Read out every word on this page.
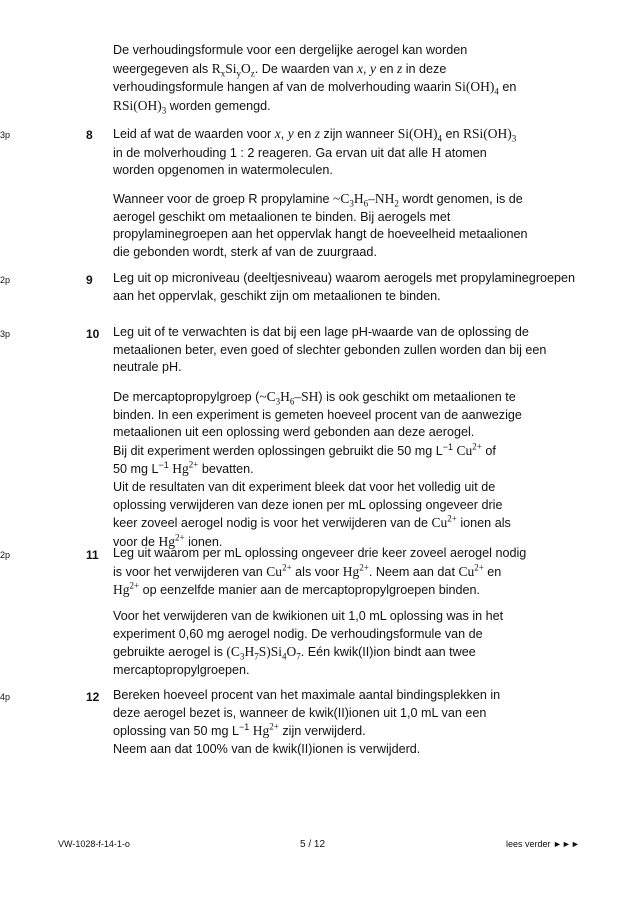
De verhoudingsformule voor een dergelijke aerogel kan worden
weergegeven als $R_xSi_yO_z$. De waarden van x, y en z in deze
verhoudingsformule hangen af van de molverhouding waarin $Si(OH)_4$ en
$RSi(OH)_3$ worden gemengd.
3p	8 Leid af wat de waarden voor x, y en z zijn wanneer $Si(OH)_4$ en $RSi(OH)_3$
in de molverhouding 1 : 2 reageren. Ga ervan uit dat alle H atomen
worden opgenomen in watermoleculen.
Wanneer voor de groep R propylamine $\sim C_3H_6-NH_2$ wordt genomen, is de
aerogel geschikt om metaalionen te binden. Bij aerogels met
propylaminegroepen aan het oppervlak hangt de hoeveelheid metaalionen
die gebonden wordt, sterk af van de zuurgraad.
2p	9 Leg uit op microniveau (deeltjesniveau) waarom aerogels met propylaminegroepen aan het oppervlak, geschikt zijn om metaalionen te binden.
3p	10 Leg uit of te verwachten is dat bij een lage pH-waarde van de oplossing de metaalionen beter, even goed of slechter gebonden zullen worden dan bij een neutrale pH.
De mercaptopropylgroep $(\sim C_3H_6-SH)$ is ook geschikt om metaalionen te
binden. In een experiment is gemeten hoeveel procent van de aanwezige
metaalionen uit een oplossing werd gebonden aan deze aerogel.
Bij dit experiment werden oplossingen gebruikt die 50 mg $L^{-1}$ $Cu^{2+}$ of
50 mg $L^{-1}$ $Hg^{2+}$ bevatten.
Uit de resultaten van dit experiment bleek dat voor het volledig uit de
oplossing verwijderen van deze ionen per mL oplossing ongeveer drie
keer zoveel aerogel nodig is voor het verwijderen van de $Cu^{2+}$ ionen als
voor de $Hg^{2+}$ ionen.
2p	11 Leg uit waarom per mL oplossing ongeveer drie keer zoveel aerogel nodig
is voor het verwijderen van $Cu^{2+}$ als voor $Hg^{2+}$. Neem aan dat $Cu^{2+}$ en
$Hg^{2+}$ op eenzelfde manier aan de mercaptopropylgroepen binden.
Voor het verwijderen van de kwikionen uit 1,0 mL oplossing was in het
experiment 0,60 mg aerogel nodig. De verhoudingsformule van de
gebruikte aerogel is $(C_3H_7S)Si_4O_7$. Eén kwik(II)ion bindt aan twee
mercaptopropylgroepen.
4p	12 Bereken hoeveel procent van het maximale aantal bindingsplekken in
deze aerogel bezet is, wanneer de kwik(II)ionen uit 1,0 mL van een
oplossing van 50 mg $L^{-1}$ $Hg^{2+}$ zijn verwijderd.
Neem aan dat 100% van de kwik(II)ionen is verwijderd.
VW-1028-f-14-1-o	5 / 12	lees verder ►►►
